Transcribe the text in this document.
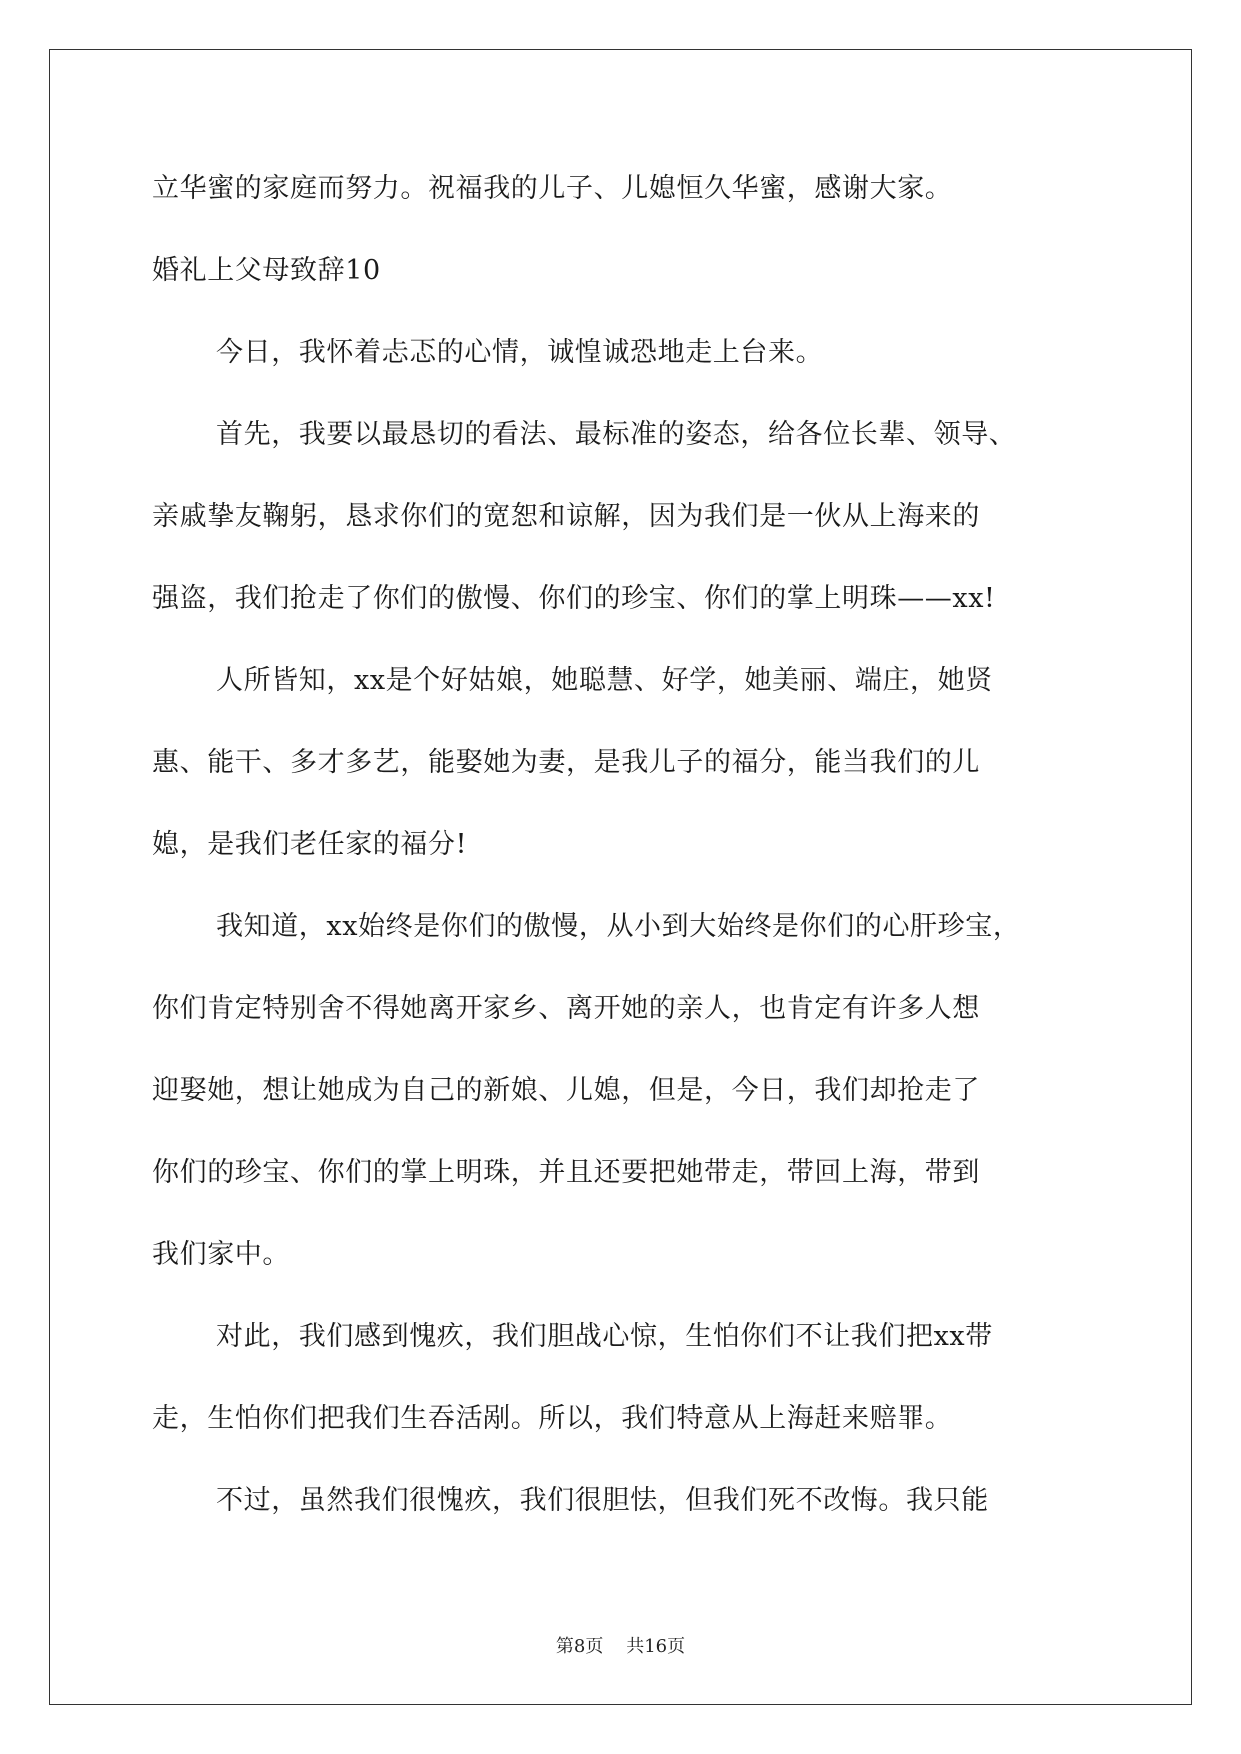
立华蜜的家庭而努力。祝福我的儿子、儿媳恒久华蜜，感谢大家。
婚礼上父母致辞10
今日，我怀着忐忑的心情，诚惶诚恐地走上台来。
首先，我要以最恳切的看法、最标准的姿态，给各位长辈、领导、
亲戚挚友鞠躬，恳求你们的宽恕和谅解，因为我们是一伙从上海来的
强盗，我们抢走了你们的傲慢、你们的珍宝、你们的掌上明珠——xx!
人所皆知，xx是个好姑娘，她聪慧、好学，她美丽、端庄，她贤
惠、能干、多才多艺，能娶她为妻，是我儿子的福分，能当我们的儿
媳，是我们老任家的福分!
我知道，xx始终是你们的傲慢，从小到大始终是你们的心肝珍宝，
你们肯定特别舍不得她离开家乡、离开她的亲人，也肯定有许多人想
迎娶她，想让她成为自己的新娘、儿媳，但是，今日，我们却抢走了
你们的珍宝、你们的掌上明珠，并且还要把她带走，带回上海，带到
我们家中。
对此，我们感到愧疚，我们胆战心惊，生怕你们不让我们把xx带
走，生怕你们把我们生吞活剐。所以，我们特意从上海赶来赔罪。
不过，虽然我们很愧疚，我们很胆怯，但我们死不改悔。我只能
第8页    共16页
